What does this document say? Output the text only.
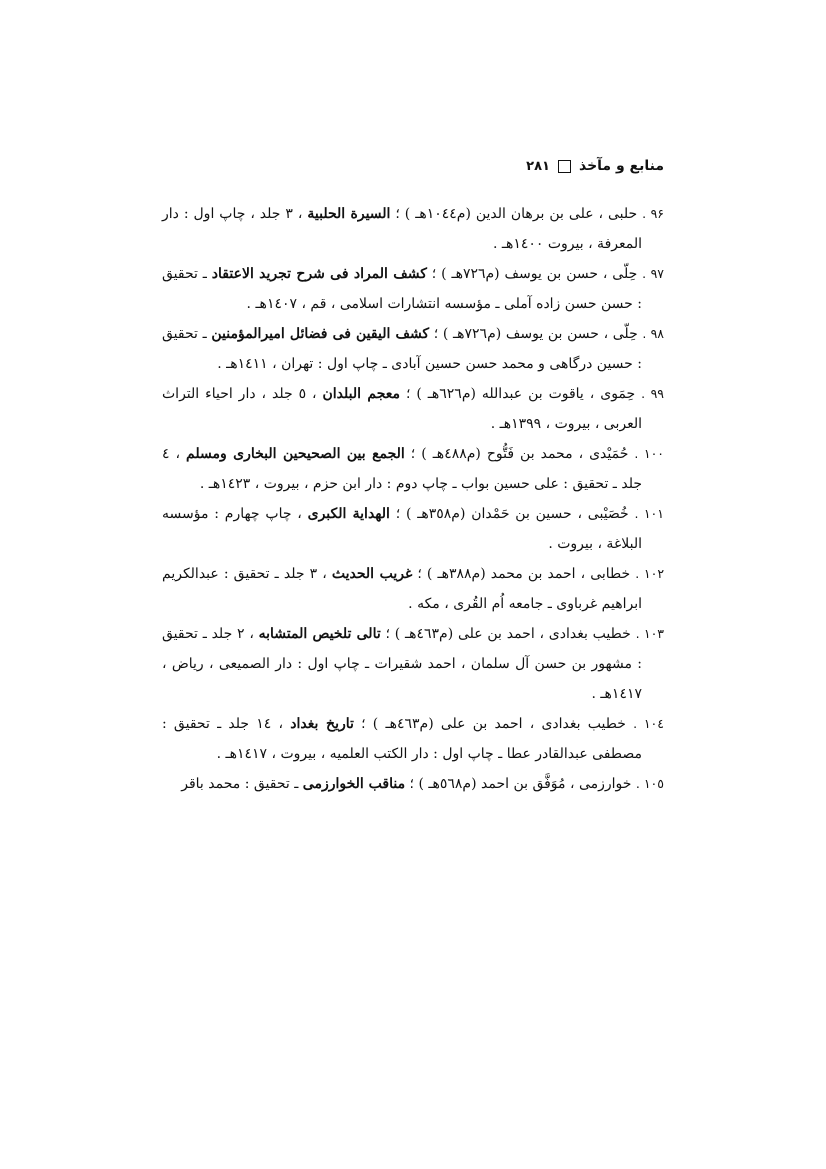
منابع و مآخذ
۲۸۱

۹۶ . حلبی ، علی بن برهان الدین (م۱۰٤٤هـ ) ؛ السیرة الحلبیة ، ۳ جلد ، چاپ اول : دار المعرفة ، بیروت ۱٤۰۰هـ .

۹۷ . حِلّی ، حسن بن یوسف (م۷۲٦هـ ) ؛ کشف المراد فی شرح تجرید الاعتقاد ـ تحقیق : حسن حسن زاده آملی ـ مؤسسه انتشارات اسلامی ، قم ، ۱٤۰۷هـ .

۹۸ . حِلّی ، حسن بن یوسف (م۷۲٦هـ ) ؛ کشف الیقین فی فضائل امیرالمؤمنین ـ تحقیق : حسین درگاهی و محمد حسن حسین آبادی ـ چاپ اول : تهران ، ۱٤۱۱هـ .

۹۹ . حِمَوی ، یاقوت بن عبدالله (م٦۲٦هـ ) ؛ معجم البلدان ، ٥ جلد ، دار احیاء التراث العربی ، بیروت ، ۱۳۹۹هـ .

۱۰۰ . حُمَیْدی ، محمد بن فَتُّوح (م٤۸۸هـ ) ؛ الجمع بین الصحیحین البخاری ومسلم ، ٤ جلد ـ تحقیق : علی حسین بواب ـ چاپ دوم : دار ابن حزم ، بیروت ، ۱٤۲۳هـ .

۱۰۱ . خُصَیْبی ، حسین بن حَمْدان (م۳٥۸هـ ) ؛ الهدایة الکبری ، چاپ چهارم : مؤسسه البلاغة ، بیروت .

۱۰۲ . خطابی ، احمد بن محمد (م۳۸۸هـ ) ؛ غریب الحدیث ، ۳ جلد ـ تحقیق : عبدالکریم ابراهیم غرباوی ـ جامعه اُم القُری ، مکه .

۱۰۳ . خطیب بغدادی ، احمد بن علی (م٤٦۳هـ ) ؛ تالی تلخیص المتشابه ، ۲ جلد ـ تحقیق : مشهور بن حسن آل سلمان ، احمد شقیرات ـ چاپ اول : دار الصمیعی ، ریاض ، ۱٤۱۷هـ .

۱۰٤ . خطیب بغدادی ، احمد بن علی (م٤٦۳هـ ) ؛ تاریخ بغداد ، ۱٤ جلد ـ تحقیق : مصطفی عبدالقادر عطا ـ چاپ اول : دار الکتب العلمیه ، بیروت ، ۱٤۱۷هـ .

۱۰٥ . خوارزمی ، مُوَفَّق بن احمد (م٥٦۸هـ ) ؛ مناقب الخوارزمی ـ تحقیق : محمد باقر
